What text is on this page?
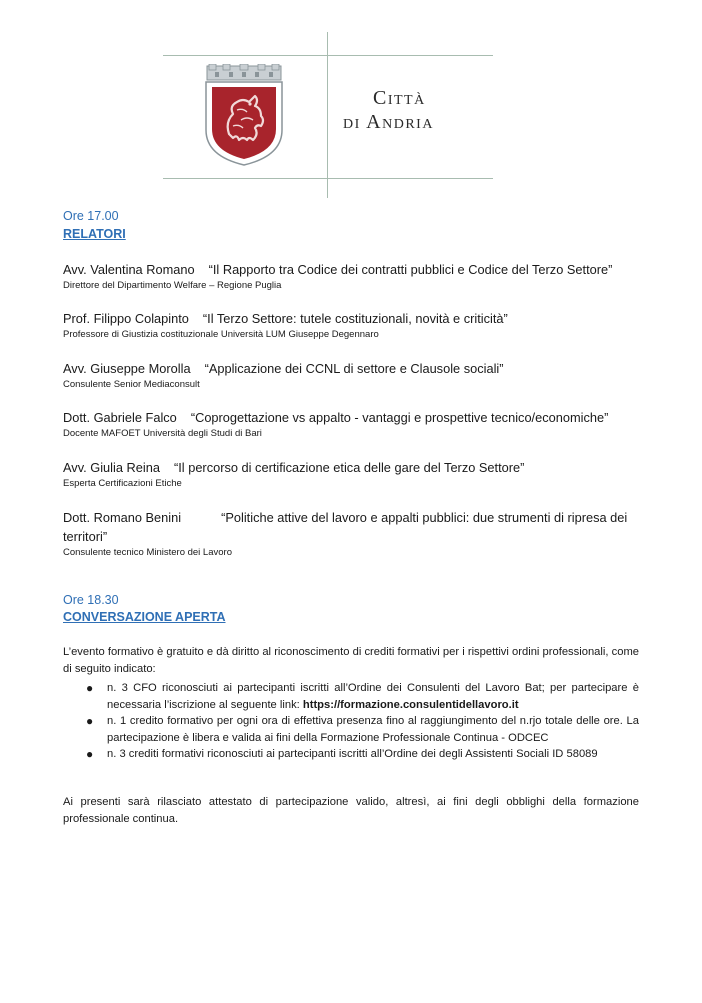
Città
di Andria
Ore 17.00
RELATORI
Avv. Valentina Romano “Il Rapporto tra Codice dei contratti pubblici e Codice del Terzo Settore”
Direttore del Dipartimento Welfare – Regione Puglia
Prof. Filippo Colapinto “Il Terzo Settore: tutele costituzionali, novità e criticità”
Professore di Giustizia costituzionale Università LUM Giuseppe Degennaro
Avv. Giuseppe Morolla “Applicazione dei CCNL di settore e Clausole sociali”
Consulente Senior Mediaconsult
Dott. Gabriele Falco “Coprogettazione vs appalto - vantaggi e prospettive tecnico/economiche”
Docente MAFOET Università degli Studi di Bari
Avv. Giulia Reina “Il percorso di certificazione etica delle gare del Terzo Settore”
Esperta Certificazioni Etiche
Dott. Romano Benini	“Politiche attive del lavoro e appalti pubblici: due strumenti di ripresa dei territori”
Consulente tecnico Ministero dei Lavoro
Ore 18.30
CONVERSAZIONE APERTA
L’evento formativo è gratuito e dà diritto al riconoscimento di crediti formativi per i rispettivi ordini professionali, come di seguito indicato:
● n. 3 CFO riconosciuti ai partecipanti iscritti all’Ordine dei Consulenti del Lavoro Bat; per partecipare è necessaria l’iscrizione al seguente link: https://formazione.consulentidellavoro.it
● n. 1 credito formativo per ogni ora di effettiva presenza fino al raggiungimento del n.rjo totale delle ore. La partecipazione è libera e valida ai fini della Formazione Professionale Continua - ODCEC
● n. 3 crediti formativi riconosciuti ai partecipanti iscritti all’Ordine dei degli Assistenti Sociali ID 58089
Ai presenti sarà rilasciato attestato di partecipazione valido, altresì, ai fini degli obblighi della formazione professionale continua.
